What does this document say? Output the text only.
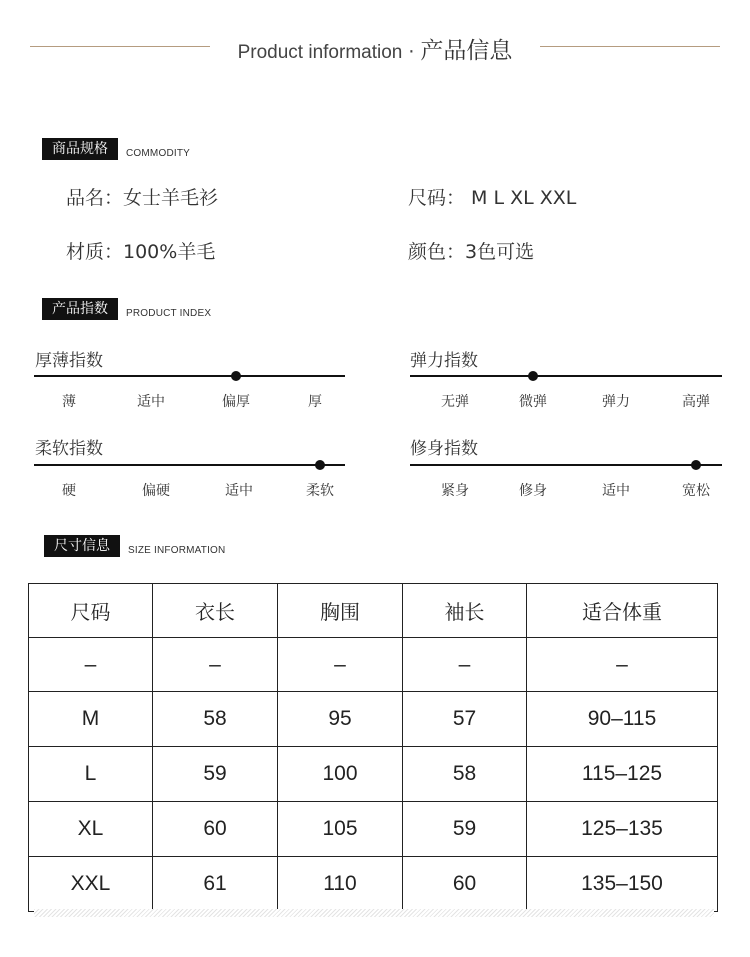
Product information · 产品信息
商品规格	COMMODITY
品名：女士羊毛衫	尺码： M L XL XXL
材质：100%羊毛	颜色：3色可选
产品指数	PRODUCT INDEX
厚薄指数
薄	适中	偏厚	厚
弹力指数
无弹	微弹	弹力	高弹
柔软指数
硬	偏硬	适中	柔软
修身指数
紧身	修身	适中	宽松
尺寸信息	SIZE INFORMATION
尺码	衣长	胸围	袖长	适合体重
–	–	–	–	–
M	58	95	57	90–115
L	59	100	58	115–125
XL	60	105	59	125–135
XXL	61	110	60	135–150
